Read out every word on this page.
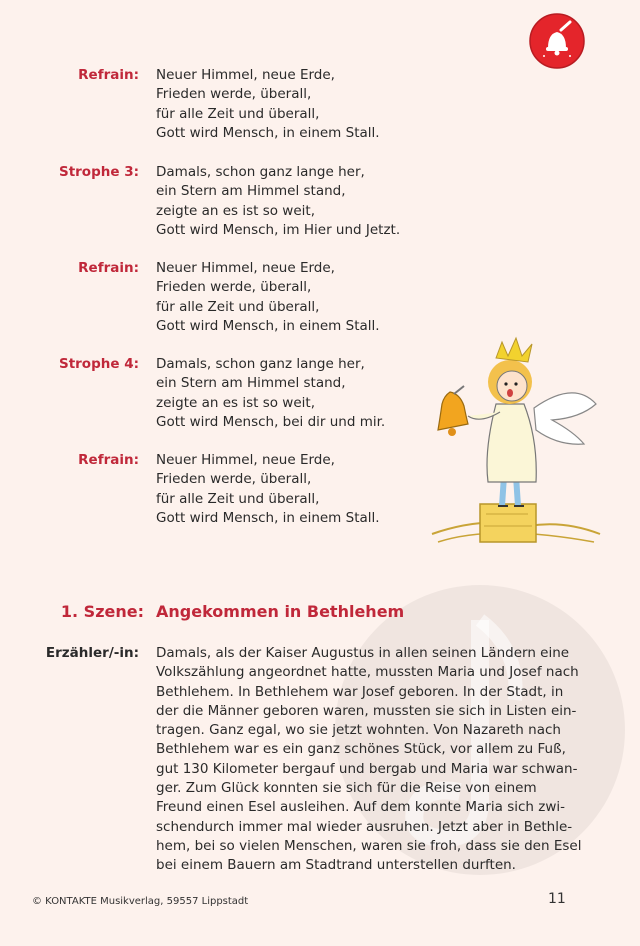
Refrain: Neuer Himmel, neue Erde,
Frieden werde, überall,
für alle Zeit und überall,
Gott wird Mensch, in einem Stall.
Strophe 3: Damals, schon ganz lange her,
ein Stern am Himmel stand,
zeigte an es ist so weit,
Gott wird Mensch, im Hier und Jetzt.
Refrain: Neuer Himmel, neue Erde,
Frieden werde, überall,
für alle Zeit und überall,
Gott wird Mensch, in einem Stall.
Strophe 4: Damals, schon ganz lange her,
ein Stern am Himmel stand,
zeigte an es ist so weit,
Gott wird Mensch, bei dir und mir.
Refrain: Neuer Himmel, neue Erde,
Frieden werde, überall,
für alle Zeit und überall,
Gott wird Mensch, in einem Stall.
1. Szene: Angekommen in Bethlehem
Erzähler/-in: Damals, als der Kaiser Augustus in allen seinen Ländern eine
Volkszählung angeordnet hatte, mussten Maria und Josef nach
Bethlehem. In Bethlehem war Josef geboren. In der Stadt, in
der die Männer geboren waren, mussten sie sich in Listen ein-
tragen. Ganz egal, wo sie jetzt wohnten. Von Nazareth nach
Bethlehem war es ein ganz schönes Stück, vor allem zu Fuß,
gut 130 Kilometer bergauf und bergab und Maria war schwan-
ger. Zum Glück konnten sie sich für die Reise von einem
Freund einen Esel ausleihen. Auf dem konnte Maria sich zwi-
schendurch immer mal wieder ausruhen. Jetzt aber in Bethle-
hem, bei so vielen Menschen, waren sie froh, dass sie den Esel
bei einem Bauern am Stadtrand unterstellen durften.
© KONTAKTE Musikverlag, 59557 Lippstadt	11
